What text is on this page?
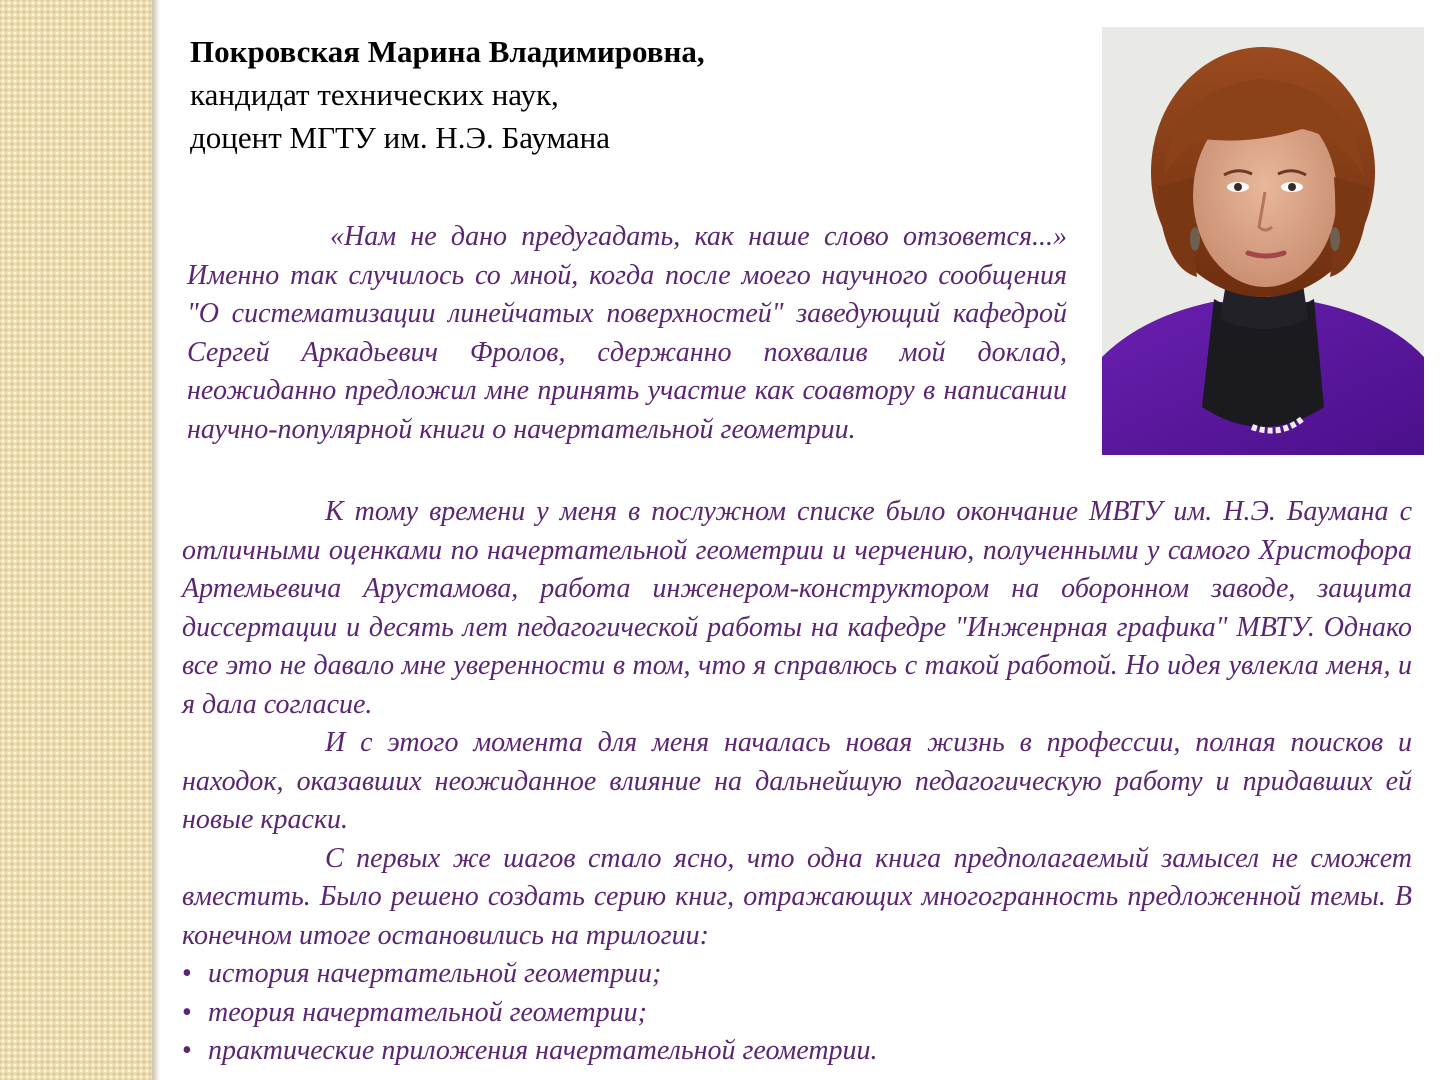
Покровская Марина Владимировна,
кандидат технических наук,
доцент МГТУ им. Н.Э. Баумана

«Нам не дано предугадать, как наше слово отзовется...» Именно так случилось со мной, когда после моего научного сообщения "О систематизации линейчатых поверхностей" заведующий кафедрой Сергей Аркадьевич Фролов, сдержанно похвалив мой доклад, неожиданно предложил мне принять участие как соавтору в написании научно-популярной книги о начертательной геометрии.

К тому времени у меня в послужном списке было окончание МВТУ им. Н.Э. Баумана с отличными оценками по начертательной геометрии и черчению, полученными у самого Христофора Артемьевича Арустамова, работа инженером-конструктором на оборонном заводе, защита диссертации и десять лет педагогической работы на кафедре "Инженрная графика" МВТУ. Однако все это не давало мне уверенности в том, что я справлюсь с такой работой. Но идея увлекла меня, и я дала согласие.

И с этого момента для меня началась новая жизнь в профессии, полная поисков и находок, оказавших неожиданное влияние на дальнейшую педагогическую работу и придавших ей новые краски.

С первых же шагов стало ясно, что одна книга предполагаемый замысел не сможет вместить. Было решено создать серию книг, отражающих многогранность предложенной темы. В конечном итоге остановились на трилогии:

• история начертательной геометрии;
• теория начертательной геометрии;
• практические приложения начертательной геометрии.
